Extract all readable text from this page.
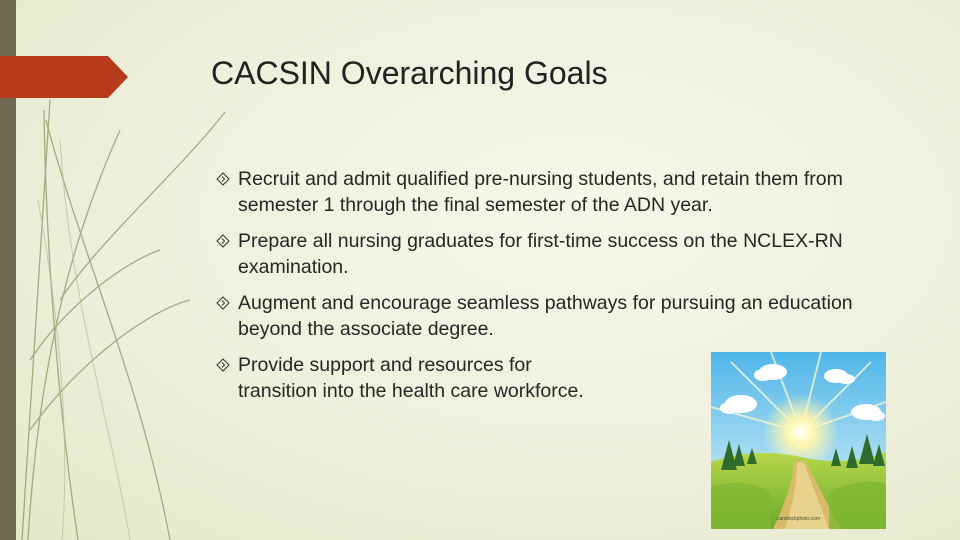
CACSIN Overarching Goals
Recruit and admit qualified pre-nursing students, and retain them from semester 1 through the final semester of the ADN year.
Prepare all nursing graduates for first-time success on the NCLEX-RN examination.
Augment and encourage seamless pathways for pursuing an education beyond the associate degree.
Provide support and resources for transition into the health care workforce.
canstockphoto.com
